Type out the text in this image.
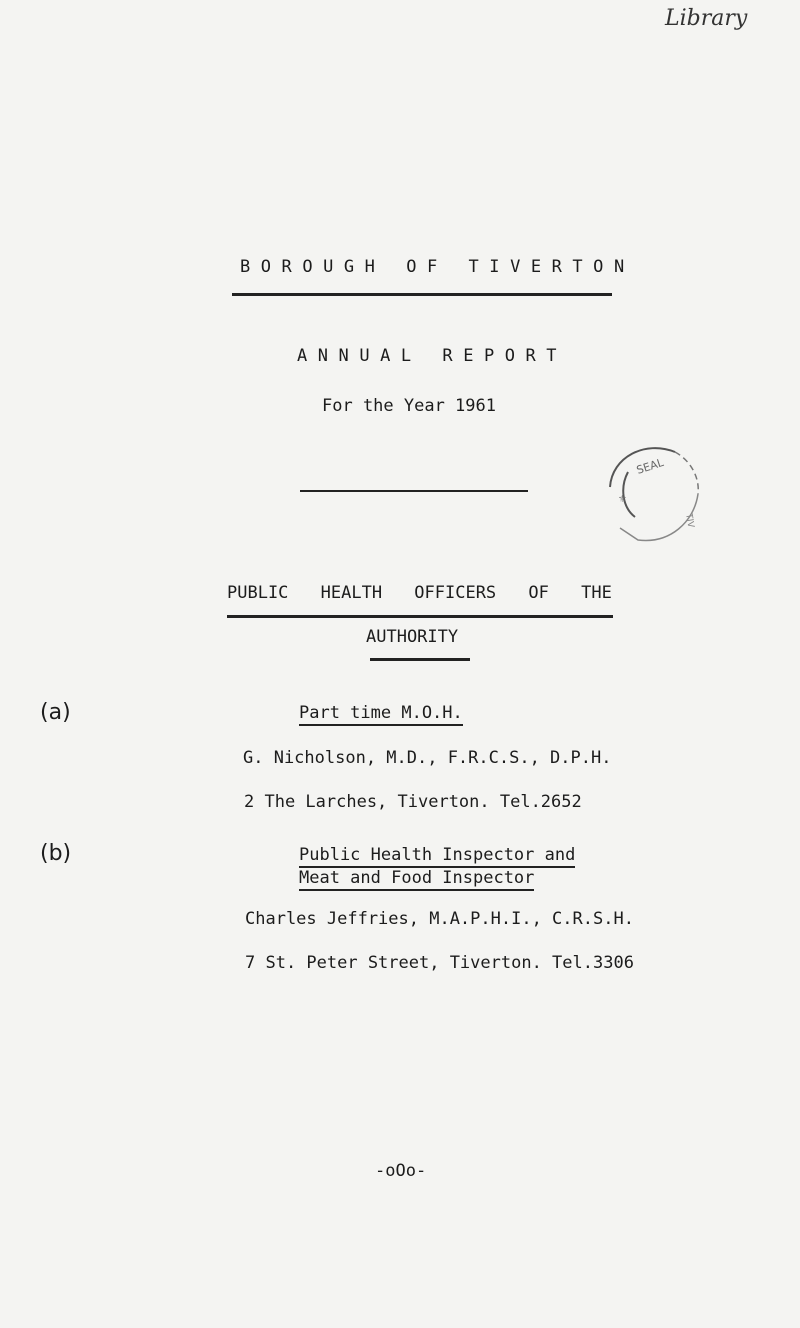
Library
BOROUGH OF TIVERTON
ANNUAL REPORT
For the Year 1961
SEAL
⚜
TIV
PUBLIC HEALTH OFFICERS OF THE
AUTHORITY
(a)	Part time M.O.H.
G. Nicholson, M.D., F.R.C.S., D.P.H.
2 The Larches, Tiverton. Tel.2652
(b)	Public Health Inspector and
Meat and Food Inspector
Charles Jeffries, M.A.P.H.I., C.R.S.H.
7 St. Peter Street, Tiverton. Tel.3306
-oOo-
